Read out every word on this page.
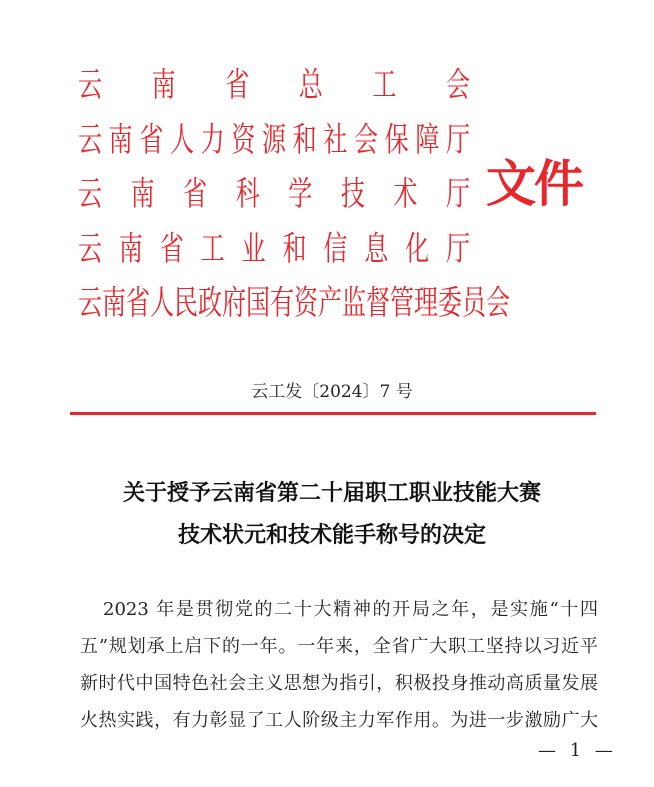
云南省总工会
云南省人力资源和社会保障厅
云南省科学技术厅
云南省工业和信息化厅
云南省人民政府国有资产监督管理委员会
文件
云工发〔2024〕7 号
关于授予云南省第二十届职工职业技能大赛
技术状元和技术能手称号的决定
2023 年是贯彻党的二十大精神的开局之年，是实施“十四
五”规划承上启下的一年。一年来，全省广大职工坚持以习近平
新时代中国特色社会主义思想为指引，积极投身推动高质量发展
火热实践，有力彰显了工人阶级主力军作用。为进一步激励广大
— 1 —
